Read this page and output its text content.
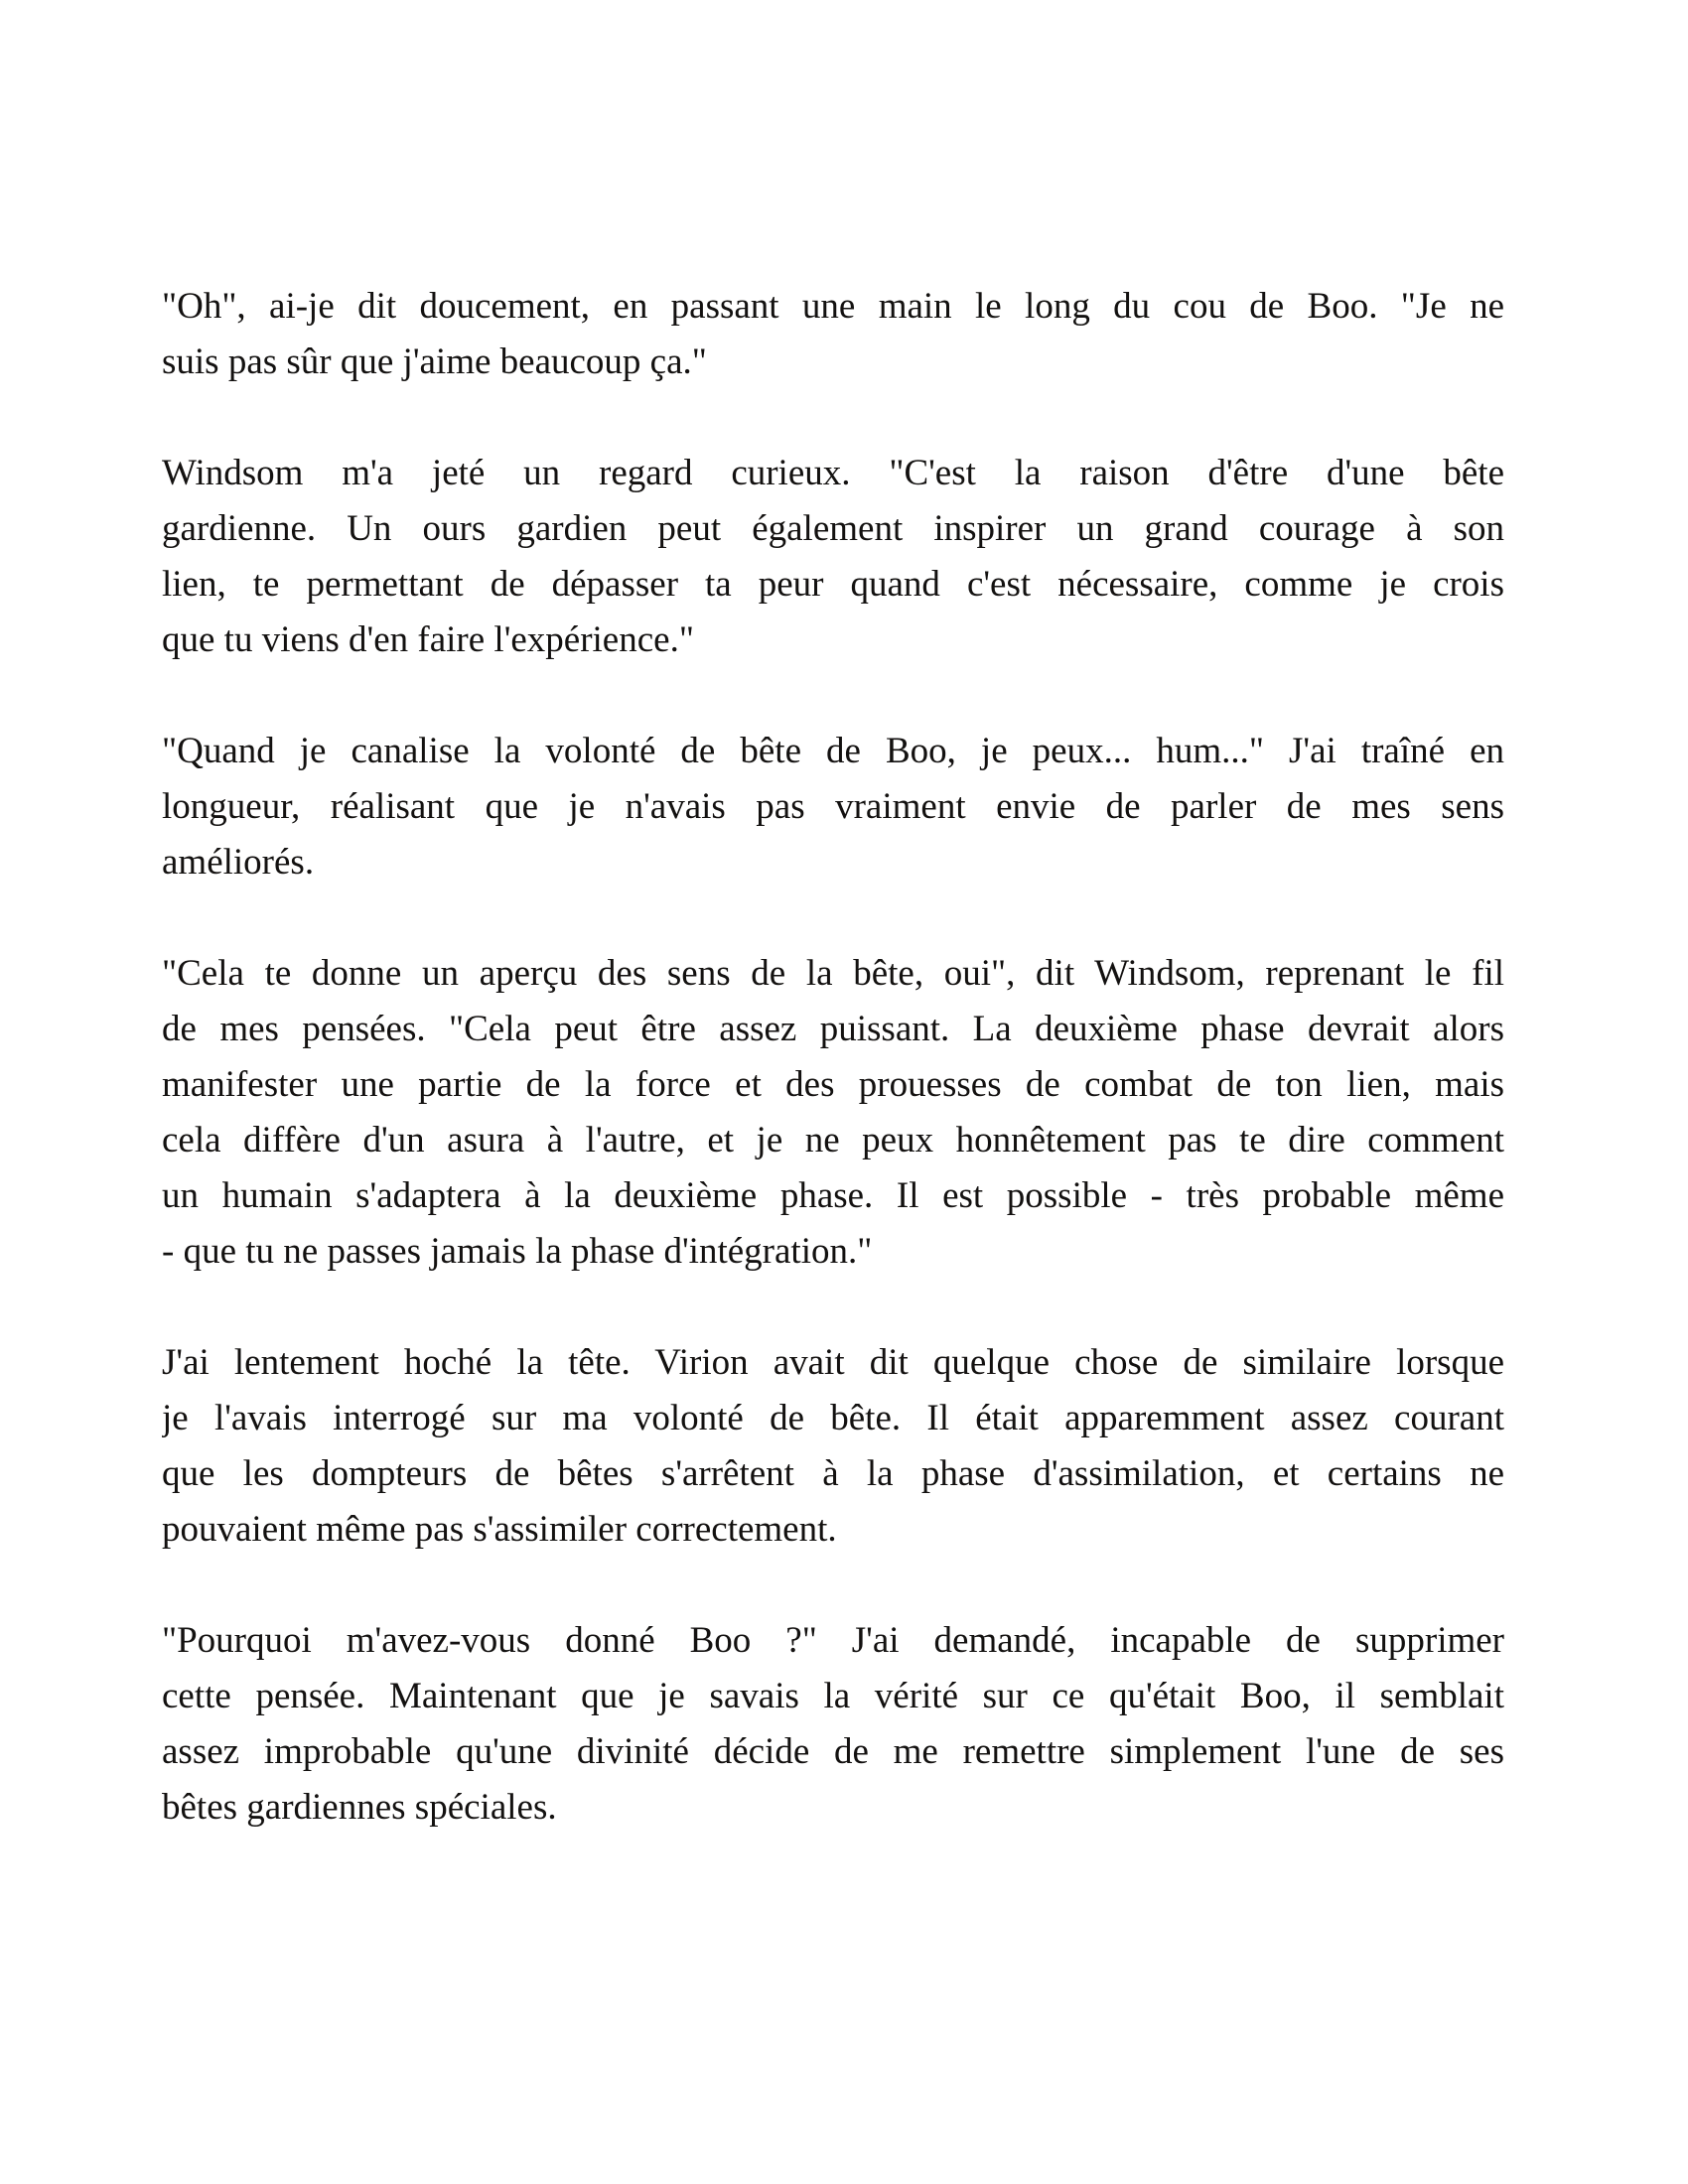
"Oh", ai-je dit doucement, en passant une main le long du cou de Boo. "Je ne
suis pas sûr que j'aime beaucoup ça."
Windsom m'a jeté un regard curieux. "C'est la raison d'être d'une bête
gardienne. Un ours gardien peut également inspirer un grand courage à son
lien, te permettant de dépasser ta peur quand c'est nécessaire, comme je crois
que tu viens d'en faire l'expérience."
"Quand je canalise la volonté de bête de Boo, je peux... hum..." J'ai traîné en
longueur, réalisant que je n'avais pas vraiment envie de parler de mes sens
améliorés.
"Cela te donne un aperçu des sens de la bête, oui", dit Windsom, reprenant le fil
de mes pensées. "Cela peut être assez puissant. La deuxième phase devrait alors
manifester une partie de la force et des prouesses de combat de ton lien, mais
cela diffère d'un asura à l'autre, et je ne peux honnêtement pas te dire comment
un humain s'adaptera à la deuxième phase. Il est possible - très probable même
- que tu ne passes jamais la phase d'intégration."
J'ai lentement hoché la tête. Virion avait dit quelque chose de similaire lorsque
je l'avais interrogé sur ma volonté de bête. Il était apparemment assez courant
que les dompteurs de bêtes s'arrêtent à la phase d'assimilation, et certains ne
pouvaient même pas s'assimiler correctement.
"Pourquoi m'avez-vous donné Boo ?" J'ai demandé, incapable de supprimer
cette pensée. Maintenant que je savais la vérité sur ce qu'était Boo, il semblait
assez improbable qu'une divinité décide de me remettre simplement l'une de ses
bêtes gardiennes spéciales.
